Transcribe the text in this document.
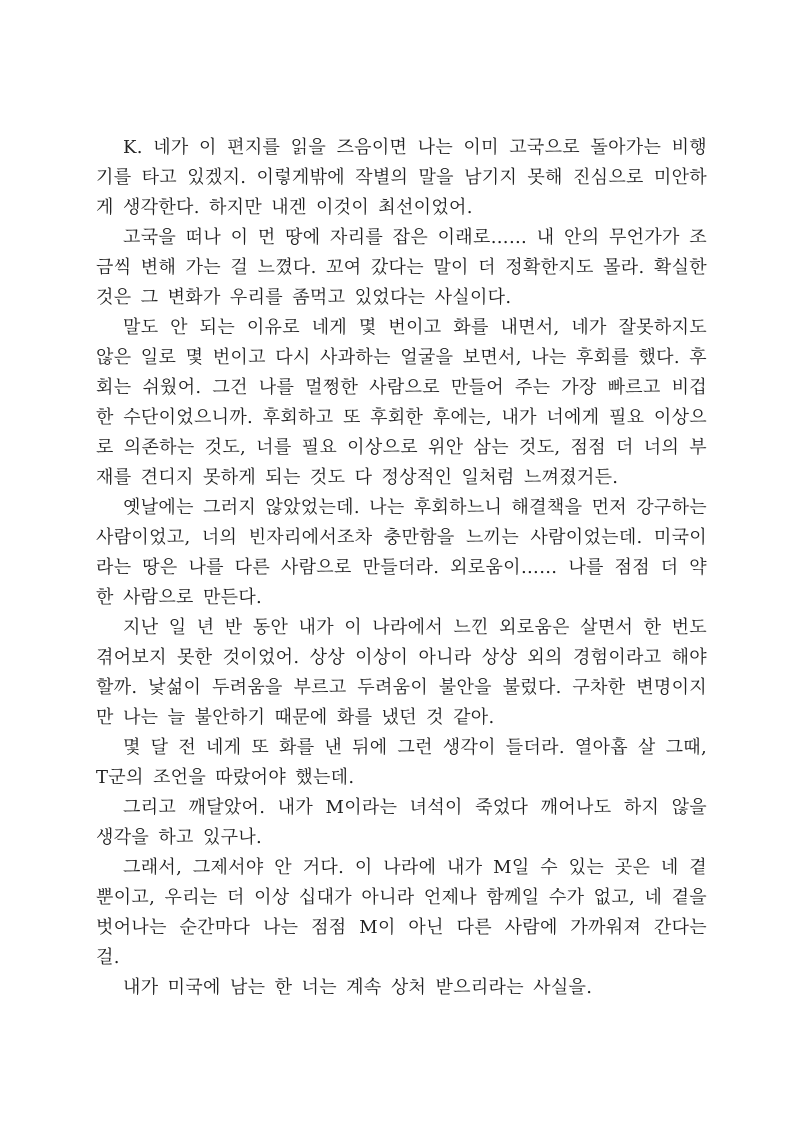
K. 네가 이 편지를 읽을 즈음이면 나는 이미 고국으로 돌아가는 비행기를 타고 있겠지. 이렇게밖에 작별의 말을 남기지 못해 진심으로 미안하게 생각한다. 하지만 내겐 이것이 최선이었어.

고국을 떠나 이 먼 땅에 자리를 잡은 이래로…… 내 안의 무언가가 조금씩 변해 가는 걸 느꼈다. 꼬여 갔다는 말이 더 정확한지도 몰라. 확실한 것은 그 변화가 우리를 좀먹고 있었다는 사실이다.

말도 안 되는 이유로 네게 몇 번이고 화를 내면서, 네가 잘못하지도 않은 일로 몇 번이고 다시 사과하는 얼굴을 보면서, 나는 후회를 했다. 후회는 쉬웠어. 그건 나를 멀쩡한 사람으로 만들어 주는 가장 빠르고 비겁한 수단이었으니까. 후회하고 또 후회한 후에는, 내가 너에게 필요 이상으로 의존하는 것도, 너를 필요 이상으로 위안 삼는 것도, 점점 더 너의 부재를 견디지 못하게 되는 것도 다 정상적인 일처럼 느껴졌거든.

옛날에는 그러지 않았었는데. 나는 후회하느니 해결책을 먼저 강구하는 사람이었고, 너의 빈자리에서조차 충만함을 느끼는 사람이었는데. 미국이라는 땅은 나를 다른 사람으로 만들더라. 외로움이…… 나를 점점 더 약한 사람으로 만든다.

지난 일 년 반 동안 내가 이 나라에서 느낀 외로움은 살면서 한 번도 겪어보지 못한 것이었어. 상상 이상이 아니라 상상 외의 경험이라고 해야 할까. 낯섦이 두려움을 부르고 두려움이 불안을 불렀다. 구차한 변명이지만 나는 늘 불안하기 때문에 화를 냈던 것 같아.

몇 달 전 네게 또 화를 낸 뒤에 그런 생각이 들더라. 열아홉 살 그때, T군의 조언을 따랐어야 했는데.

그리고 깨달았어. 내가 M이라는 녀석이 죽었다 깨어나도 하지 않을 생각을 하고 있구나.

그래서, 그제서야 안 거다. 이 나라에 내가 M일 수 있는 곳은 네 곁뿐이고, 우리는 더 이상 십대가 아니라 언제나 함께일 수가 없고, 네 곁을 벗어나는 순간마다 나는 점점 M이 아닌 다른 사람에 가까워져 간다는 걸.

내가 미국에 남는 한 너는 계속 상처 받으리라는 사실을.
